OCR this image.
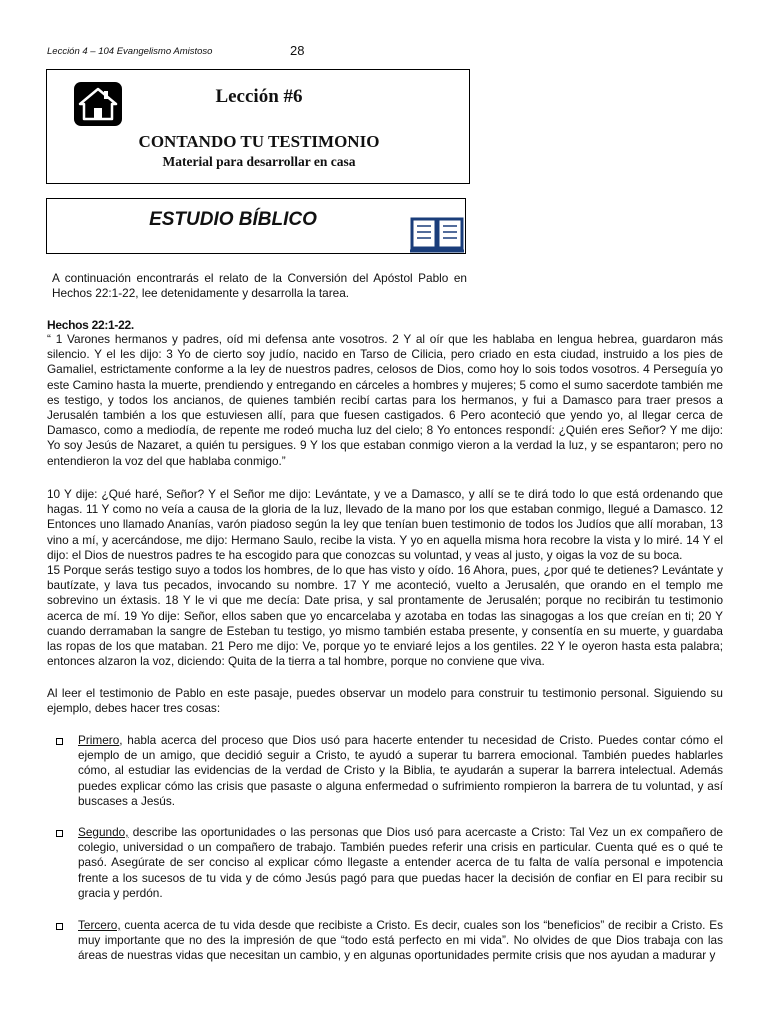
Lección 4 – 104 Evangelismo Amistoso	28
Lección #6
CONTANDO TU TESTIMONIO
Material para desarrollar en casa
ESTUDIO BÍBLICO
A continuación encontrarás el relato de la Conversión del Apóstol Pablo en Hechos 22:1-22, lee detenidamente y desarrolla la tarea.
Hechos 22:1-22.
“ 1 Varones hermanos y padres, oíd mi defensa ante vosotros. 2 Y al oír que les hablaba en lengua hebrea, guardaron más silencio. Y el les dijo: 3 Yo de cierto soy judío, nacido en Tarso de Cilicia, pero criado en esta ciudad, instruido a los pies de Gamaliel, estrictamente conforme a la ley de nuestros padres, celosos de Dios, como hoy lo sois todos vosotros. 4 Perseguía yo este Camino hasta la muerte, prendiendo y entregando en cárceles a hombres y mujeres; 5 como el sumo sacerdote también me es testigo, y todos los ancianos, de quienes también recibí cartas para los hermanos, y fui a Damasco para traer presos a Jerusalén también a los que estuviesen allí, para que fuesen castigados. 6 Pero aconteció que yendo yo, al llegar cerca de Damasco, como a mediodía, de repente me rodeó mucha luz del cielo; 8 Yo entonces respondí: ¿Quién eres Señor? Y me dijo: Yo soy Jesús de Nazaret, a quién tu persigues. 9 Y los que estaban conmigo vieron a la verdad la luz, y se espantaron; pero no entendieron la voz del que hablaba conmigo.”
10 Y dije: ¿Qué haré, Señor? Y el Señor me dijo: Levántate, y ve a Damasco, y allí se te dirá todo lo que está ordenando que hagas. 11 Y como no veía a causa de la gloria de la luz, llevado de la mano por los que estaban conmigo, llegué a Damasco. 12 Entonces uno llamado Ananías, varón piadoso según la ley que tenían buen testimonio de todos los Judíos que allí moraban, 13 vino a mí, y acercándose, me dijo: Hermano Saulo, recibe la vista. Y yo en aquella misma hora recobre la vista y lo miré. 14 Y el dijo: el Dios de nuestros padres te ha escogido para que conozcas su voluntad, y veas al justo, y oigas la voz de su boca.
15 Porque serás testigo suyo a todos los hombres, de lo que has visto y oído. 16 Ahora, pues, ¿por qué te detienes? Levántate y bautízate, y lava tus pecados, invocando su nombre. 17 Y me aconteció, vuelto a Jerusalén, que orando en el templo me sobrevino un éxtasis. 18 Y le vi que me decía: Date prisa, y sal prontamente de Jerusalén; porque no recibirán tu testimonio acerca de mí. 19 Yo dije: Señor, ellos saben que yo encarcelaba y azotaba en todas las sinagogas a los que creían en ti; 20 Y cuando derramaban la sangre de Esteban tu testigo, yo mismo también estaba presente, y consentía en su muerte, y guardaba las ropas de los que mataban. 21 Pero me dijo: Ve, porque yo te enviaré lejos a los gentiles. 22 Y le oyeron hasta esta palabra; entonces alzaron la voz, diciendo: Quita de la tierra a tal hombre, porque no conviene que viva.
Al leer el testimonio de Pablo en este pasaje, puedes observar un modelo para construir tu testimonio personal. Siguiendo su ejemplo, debes hacer tres cosas:
Primero, habla acerca del proceso que Dios usó para hacerte entender tu necesidad de Cristo. Puedes contar cómo el ejemplo de un amigo, que decidió seguir a Cristo, te ayudó a superar tu barrera emocional. También puedes hablarles cómo, al estudiar las evidencias de la verdad de Cristo y la Biblia, te ayudarán a superar la barrera intelectual. Además puedes explicar cómo las crisis que pasaste o alguna enfermedad o sufrimiento rompieron la barrera de tu voluntad, y así buscases a Jesús.
Segundo, describe las oportunidades o las personas que Dios usó para acercaste a Cristo: Tal Vez un ex compañero de colegio, universidad o un compañero de trabajo. También puedes referir una crisis en particular. Cuenta qué es o qué te pasó. Asegúrate de ser conciso al explicar cómo llegaste a entender acerca de tu falta de valía personal e impotencia frente a los sucesos de tu vida y de cómo Jesús pagó para que puedas hacer la decisión de confiar en El para recibir su gracia y perdón.
Tercero, cuenta acerca de tu vida desde que recibiste a Cristo. Es decir, cuales son los “beneficios” de recibir a Cristo. Es muy importante que no des la impresión de que “todo está perfecto en mi vida”. No olvides de que Dios trabaja con las áreas de nuestras vidas que necesitan un cambio, y en algunas oportunidades permite crisis que nos ayudan a madurar y
